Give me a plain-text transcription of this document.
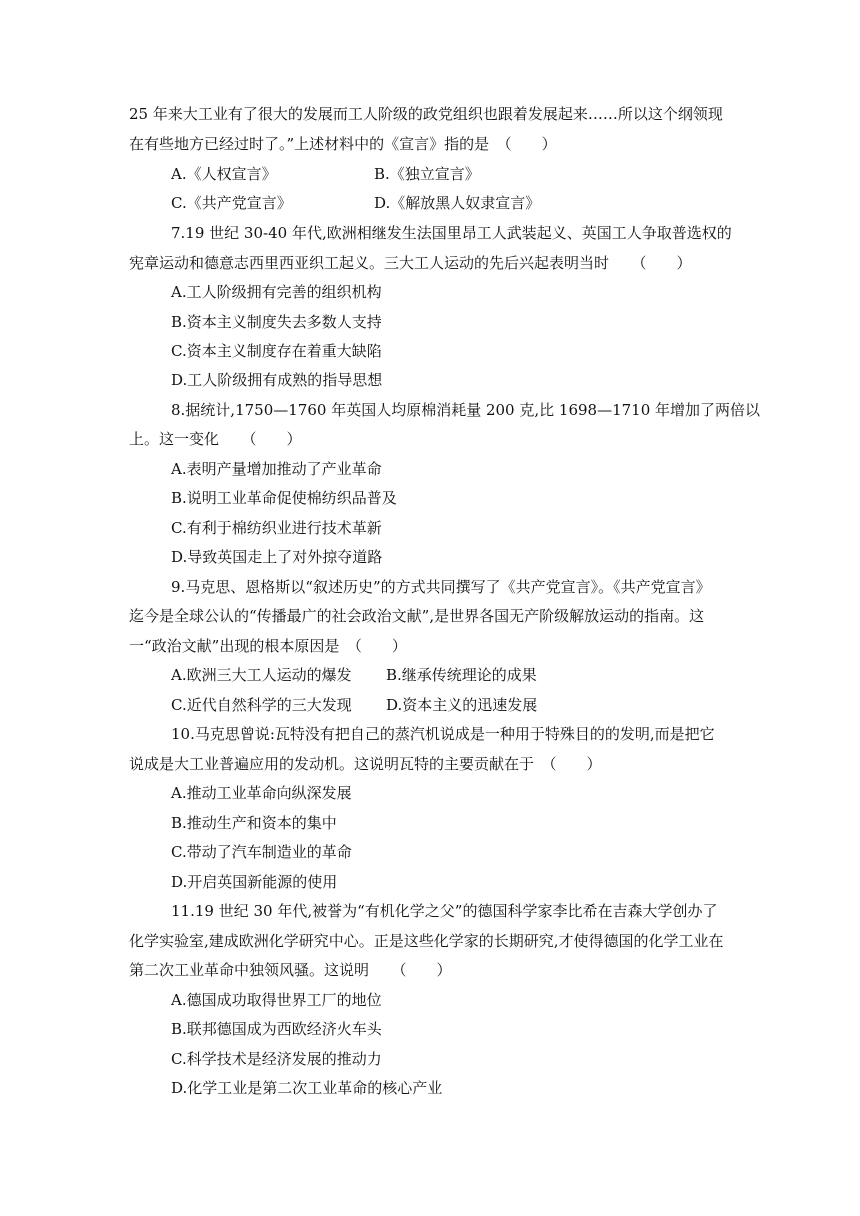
25 年来大工业有了很大的发展而工人阶级的政党组织也跟着发展起来……所以这个纲领现
在有些地方已经过时了。”上述材料中的《宣言》指的是　（　　）
A.《人权宣言》	B.《独立宣言》
C.《共产党宣言》	D.《解放黑人奴隶宣言》
7.19 世纪 30-40 年代,欧洲相继发生法国里昂工人武装起义、英国工人争取普选权的
宪章运动和德意志西里西亚织工起义。三大工人运动的先后兴起表明当时　　（　　）
A.工人阶级拥有完善的组织机构
B.资本主义制度失去多数人支持
C.资本主义制度存在着重大缺陷
D.工人阶级拥有成熟的指导思想
8.据统计,1750—1760 年英国人均原棉消耗量 200 克,比 1698—1710 年增加了两倍以
上。这一变化　　（　　）
A.表明产量增加推动了产业革命
B.说明工业革命促使棉纺织品普及
C.有利于棉纺织业进行技术革新
D.导致英国走上了对外掠夺道路
9.马克思、恩格斯以“叙述历史”的方式共同撰写了《共产党宣言》。《共产党宣言》
迄今是全球公认的“传播最广的社会政治文献”,是世界各国无产阶级解放运动的指南。这
一“政治文献”出现的根本原因是　（　　）
A.欧洲三大工人运动的爆发 B.继承传统理论的成果
C.近代自然科学的三大发现 D.资本主义的迅速发展
10.马克思曾说:瓦特没有把自己的蒸汽机说成是一种用于特殊目的的发明,而是把它
说成是大工业普遍应用的发动机。这说明瓦特的主要贡献在于　（　　）
A.推动工业革命向纵深发展
B.推动生产和资本的集中
C.带动了汽车制造业的革命
D.开启英国新能源的使用
11.19 世纪 30 年代,被誉为“有机化学之父”的德国科学家李比希在吉森大学创办了
化学实验室,建成欧洲化学研究中心。正是这些化学家的长期研究,才使得德国的化学工业在
第二次工业革命中独领风骚。这说明　　（　　）
A.德国成功取得世界工厂的地位
B.联邦德国成为西欧经济火车头
C.科学技术是经济发展的推动力
D.化学工业是第二次工业革命的核心产业
